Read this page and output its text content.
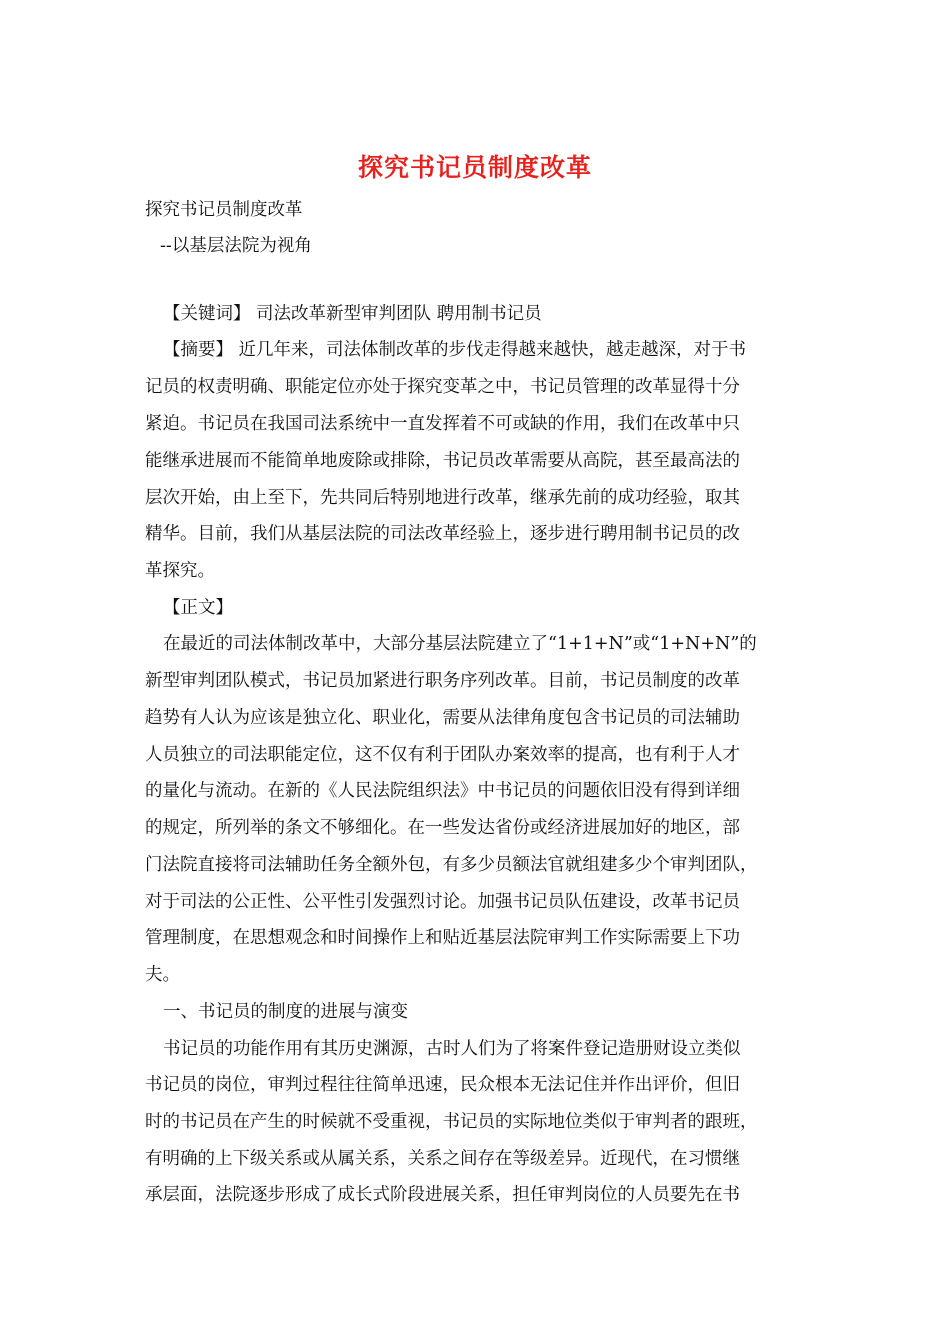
探究书记员制度改革
探究书记员制度改革
--以基层法院为视角
【关键词】 司法改革新型审判团队 聘用制书记员
【摘要】 近几年来，司法体制改革的步伐走得越来越快，越走越深，对于书
记员的权责明确、职能定位亦处于探究变革之中，书记员管理的改革显得十分
紧迫。书记员在我国司法系统中一直发挥着不可或缺的作用，我们在改革中只
能继承进展而不能简单地废除或排除，书记员改革需要从高院，甚至最高法的
层次开始，由上至下，先共同后特别地进行改革，继承先前的成功经验，取其
精华。目前，我们从基层法院的司法改革经验上，逐步进行聘用制书记员的改
革探究。
【正文】
在最近的司法体制改革中，大部分基层法院建立了“1+1+N”或“1+N+N”的
新型审判团队模式，书记员加紧进行职务序列改革。目前，书记员制度的改革
趋势有人认为应该是独立化、职业化，需要从法律角度包含书记员的司法辅助
人员独立的司法职能定位，这不仅有利于团队办案效率的提高，也有利于人才
的量化与流动。在新的《人民法院组织法》中书记员的问题依旧没有得到详细
的规定，所列举的条文不够细化。在一些发达省份或经济进展加好的地区，部
门法院直接将司法辅助任务全额外包，有多少员额法官就组建多少个审判团队，
对于司法的公正性、公平性引发强烈讨论。加强书记员队伍建设，改革书记员
管理制度，在思想观念和时间操作上和贴近基层法院审判工作实际需要上下功
夫。
一、书记员的制度的进展与演变
书记员的功能作用有其历史渊源，古时人们为了将案件登记造册财设立类似
书记员的岗位，审判过程往往简单迅速，民众根本无法记住并作出评价，但旧
时的书记员在产生的时候就不受重视，书记员的实际地位类似于审判者的跟班，
有明确的上下级关系或从属关系，关系之间存在等级差异。近现代，在习惯继
承层面，法院逐步形成了成长式阶段进展关系，担任审判岗位的人员要先在书
